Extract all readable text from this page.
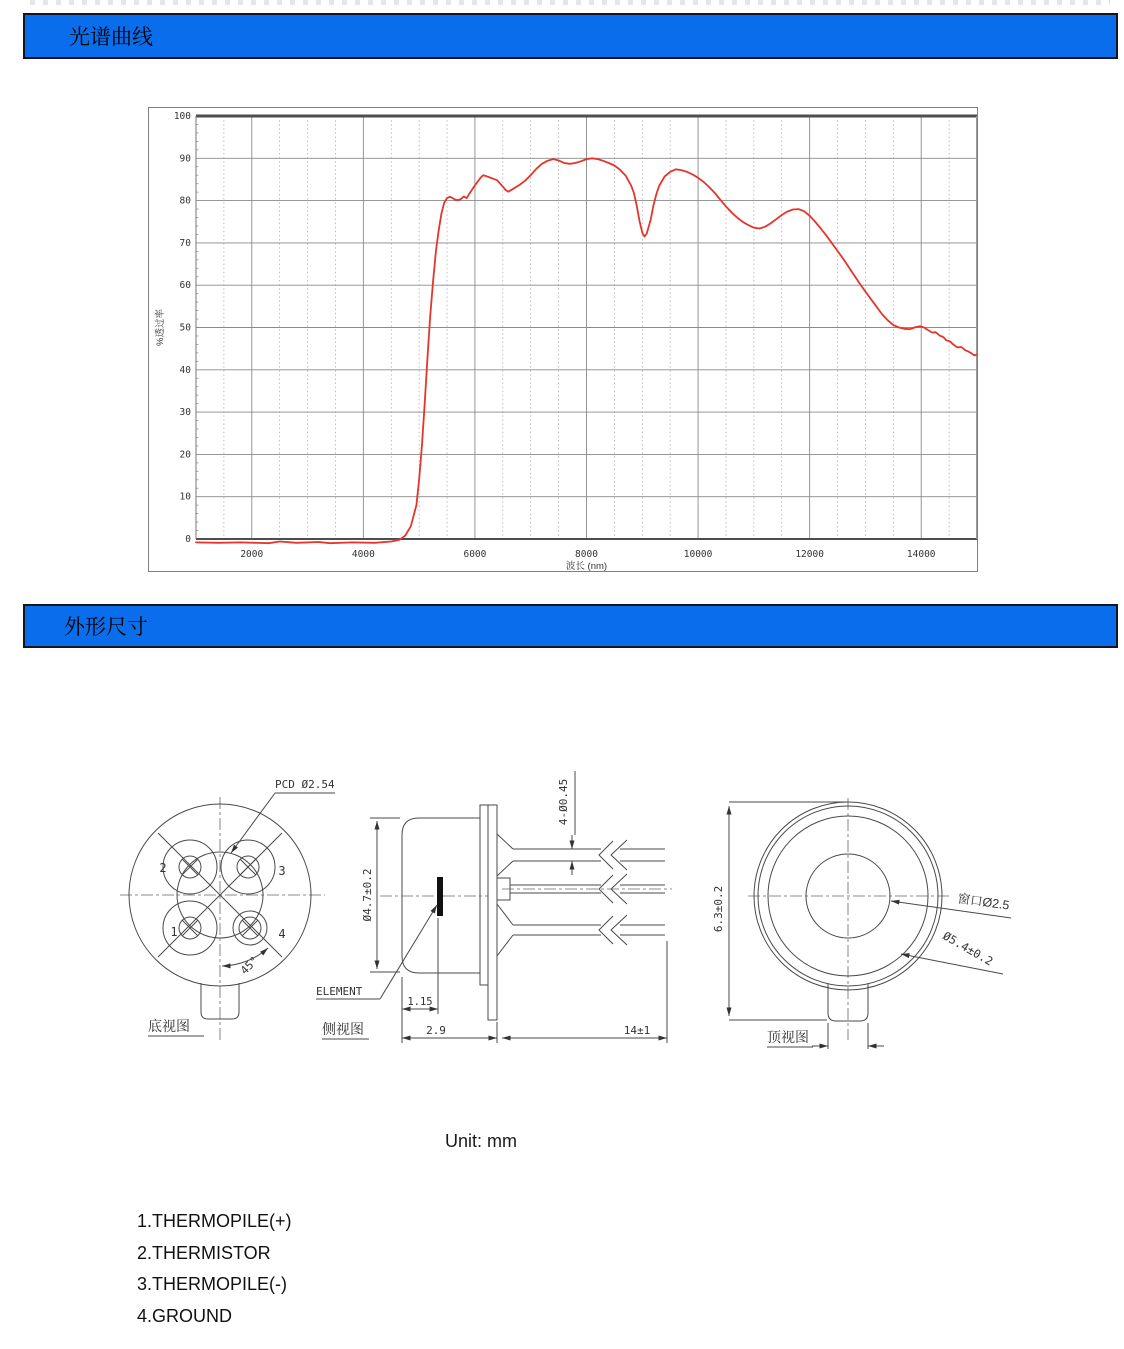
光谱曲线
2000	4000	6000	8000	10000	12000	14000
0
10
20
30
40
50
60
70
80
90
100
波长 (nm)
%透过率
外形尺寸
PCD Ø2.54
2	3
1	4
45°
底视图
Ø4.7±0.2
4-Ø0.45
ELEMENT
1.15
2.9	14±1
侧视图
6.3±0.2	窗口Ø2.5
Ø5.4±0.2
顶视图
Unit: mm
1.THERMOPILE(+)
2.THERMISTOR
3.THERMOPILE(-)
4.GROUND
